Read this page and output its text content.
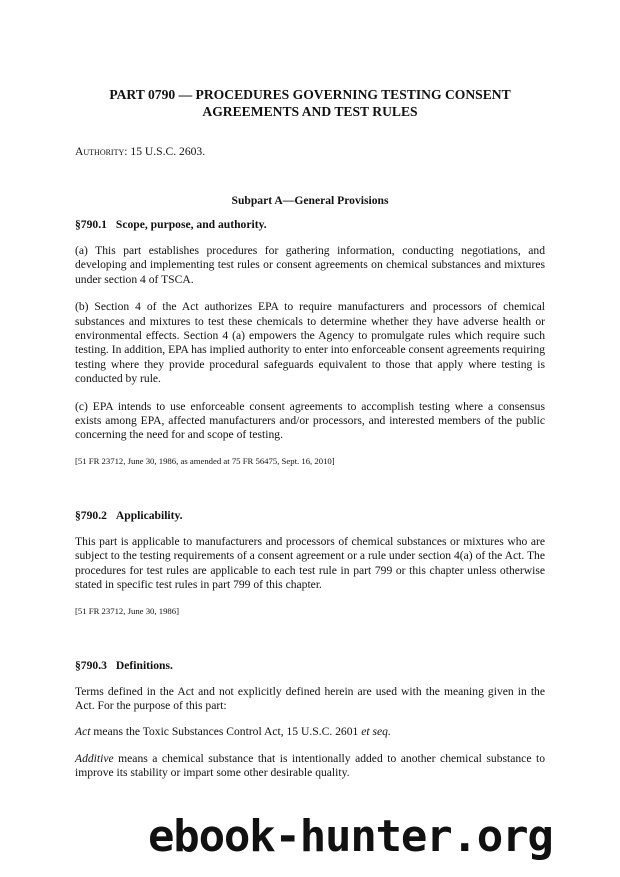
PART 0790 — PROCEDURES GOVERNING TESTING CONSENT
AGREEMENTS AND TEST RULES
Authority: 15 U.S.C. 2603.
Subpart A—General Provisions
§790.1 Scope, purpose, and authority.

(a) This part establishes procedures for gathering information, conducting negotiations, and developing and implementing test rules or consent agreements on chemical substances and mixtures under section 4 of TSCA.

(b) Section 4 of the Act authorizes EPA to require manufacturers and processors of chemical substances and mixtures to test these chemicals to determine whether they have adverse health or environmental effects. Section 4 (a) empowers the Agency to promulgate rules which require such testing. In addition, EPA has implied authority to enter into enforceable consent agreements requiring testing where they provide procedural safeguards equivalent to those that apply where testing is conducted by rule.

(c) EPA intends to use enforceable consent agreements to accomplish testing where a consensus exists among EPA, affected manufacturers and/or processors, and interested members of the public concerning the need for and scope of testing.

[51 FR 23712, June 30, 1986, as amended at 75 FR 56475, Sept. 16, 2010]

§790.2 Applicability.

This part is applicable to manufacturers and processors of chemical substances or mixtures who are subject to the testing requirements of a consent agreement or a rule under section 4(a) of the Act. The procedures for test rules are applicable to each test rule in part 799 or this chapter unless otherwise stated in specific test rules in part 799 of this chapter.

[51 FR 23712, June 30, 1986]

§790.3 Definitions.

Terms defined in the Act and not explicitly defined herein are used with the meaning given in the Act. For the purpose of this part:

Act means the Toxic Substances Control Act, 15 U.S.C. 2601 et seq.

Additive means a chemical substance that is intentionally added to another chemical substance to improve its stability or impart some other desirable quality.

ebook-hunter.org
